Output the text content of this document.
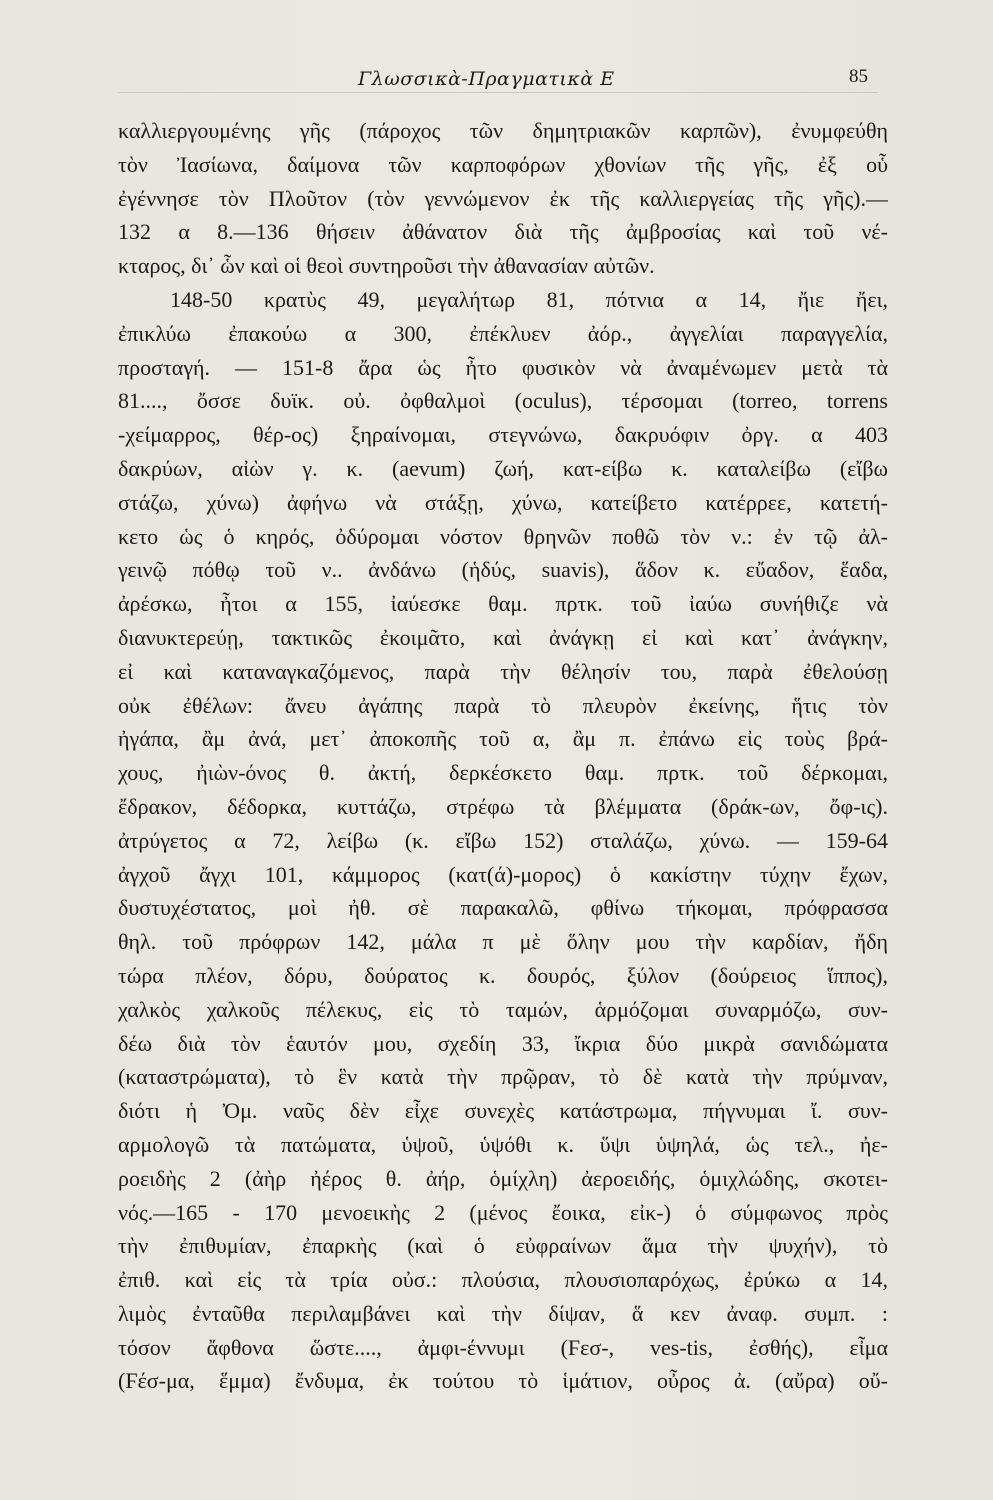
Γλωσσικὰ-Πραγματικὰ Ε	85
καλλιεργουμένης γῆς (πάροχος τῶν δημητριακῶν καρπῶν), ἐνυμφεύθη
τὸν Ἰασίωνα, δαίμονα τῶν καρποφόρων χθονίων τῆς γῆς, ἐξ οὗ
ἐγέννησε τὸν Πλοῦτον (τὸν γεννώμενον ἐκ τῆς καλλιεργείας τῆς γῆς).—
132 α 8.—136 θήσειν ἀθάνατον διὰ τῆς ἀμβροσίας καὶ τοῦ νέ-
κταρος, δι᾽ ὧν καὶ οἱ θεοὶ συντηροῦσι τὴν ἀθανασίαν αὐτῶν.
148-50 κρατὺς 49, μεγαλήτωρ 81, πότνια α 14, ἤιε ἤει,
ἐπικλύω ἐπακούω α 300, ἐπέκλυεν ἀόρ., ἀγγελίαι παραγγελία,
προσταγή. — 151-8 ἄρα ὡς ἦτο φυσικὸν νὰ ἀναμένωμεν μετὰ τὰ
81...., ὄσσε δυϊκ. οὐ. ὀφθαλμοὶ (oculus), τέρσομαι (torreo, torrens
-χείμαρρος, θέρ-ος) ξηραίνομαι, στεγνώνω, δακρυόφιν ὀργ. α 403
δακρύων, αἰὼν γ. κ. (aevum) ζωή, κατ-είβω κ. καταλείβω (εἴβω
στάζω, χύνω) ἀφήνω νὰ στάξῃ, χύνω, κατείβετο κατέρρεε, κατετή-
κετο ὡς ὁ κηρός, ὀδύρομαι νόστον θρηνῶν ποθῶ τὸν ν.: ἐν τῷ ἀλ-
γεινῷ πόθῳ τοῦ ν.. ἀνδάνω (ἡδύς, suavis), ἅδον κ. εὔαδον, ἕαδα,
ἀρέσκω, ἦτοι α 155, ἰαύεσκε θαμ. πρτκ. τοῦ ἰαύω συνήθιζε νὰ
διανυκτερεύῃ, τακτικῶς ἐκοιμᾶτο, καὶ ἀνάγκῃ εἰ καὶ κατ᾽ ἀνάγκην,
εἰ καὶ καταναγκαζόμενος, παρὰ τὴν θέλησίν του, παρὰ ἐθελούσῃ
οὐκ ἐθέλων: ἄνευ ἀγάπης παρὰ τὸ πλευρὸν ἐκείνης, ἥτις τὸν
ἠγάπα, ἂμ ἀνά, μετ᾽ ἀποκοπῆς τοῦ α, ἂμ π. ἐπάνω εἰς τοὺς βρά-
χους, ἠιὼν-όνος θ. ἀκτή, δερκέσκετο θαμ. πρτκ. τοῦ δέρκομαι,
ἔδρακον, δέδορκα, κυττάζω, στρέφω τὰ βλέμματα (δράκ-ων, ὄφ-ις).
ἀτρύγετος α 72, λείβω (κ. εἴβω 152) σταλάζω, χύνω. — 159-64
ἀγχοῦ ἄγχι 101, κάμμορος (κατ(ά)-μορος) ὁ κακίστην τύχην ἔχων,
δυστυχέστατος, μοὶ ἠθ. σὲ παρακαλῶ, φθίνω τήκομαι, πρόφρασσα
θηλ. τοῦ πρόφρων 142, μάλα π μὲ ὅλην μου τὴν καρδίαν, ἤδη
τώρα πλέον, δόρυ, δούρατος κ. δουρός, ξύλον (δούρειος ἵππος),
χαλκὸς χαλκοῦς πέλεκυς, εἰς τὸ ταμών, ἁρμόζομαι συναρμόζω, συν-
δέω διὰ τὸν ἑαυτόν μου, σχεδίη 33, ἴκρια δύο μικρὰ σανιδώματα
(καταστρώματα), τὸ ἓν κατὰ τὴν πρῷραν, τὸ δὲ κατὰ τὴν πρύμναν,
διότι ἡ Ὀμ. ναῦς δὲν εἶχε συνεχὲς κατάστρωμα, πήγνυμαι ἴ. συν-
αρμολογῶ τὰ πατώματα, ὑψοῦ, ὑψόθι κ. ὕψι ὑψηλά, ὡς τελ., ἠε-
ροειδὴς 2 (ἀὴρ ἠέρος θ. ἀήρ, ὁμίχλη) ἀεροειδής, ὁμιχλώδης, σκοτει-
νός.—165 - 170 μενοεικὴς 2 (μένος ἔοικα, εἰκ-) ὁ σύμφωνος πρὸς
τὴν ἐπιθυμίαν, ἐπαρκὴς (καὶ ὁ εὐφραίνων ἅμα τὴν ψυχήν), τὸ
ἐπιθ. καὶ εἰς τὰ τρία οὐσ.: πλούσια, πλουσιοπαρόχως, ἐρύκω α 14,
λιμὸς ἐνταῦθα περιλαμβάνει καὶ τὴν δίψαν, ἅ κεν ἀναφ. συμπ. :
τόσον ἄφθονα ὥστε...., ἀμφι-έννυμι (Ϝεσ-, ves-tis, ἐσθής), εἶμα
(Ϝέσ-μα, ἕμμα) ἔνδυμα, ἐκ τούτου τὸ ἱμάτιον, οὖρος ἀ. (αὔρα) οὔ-
